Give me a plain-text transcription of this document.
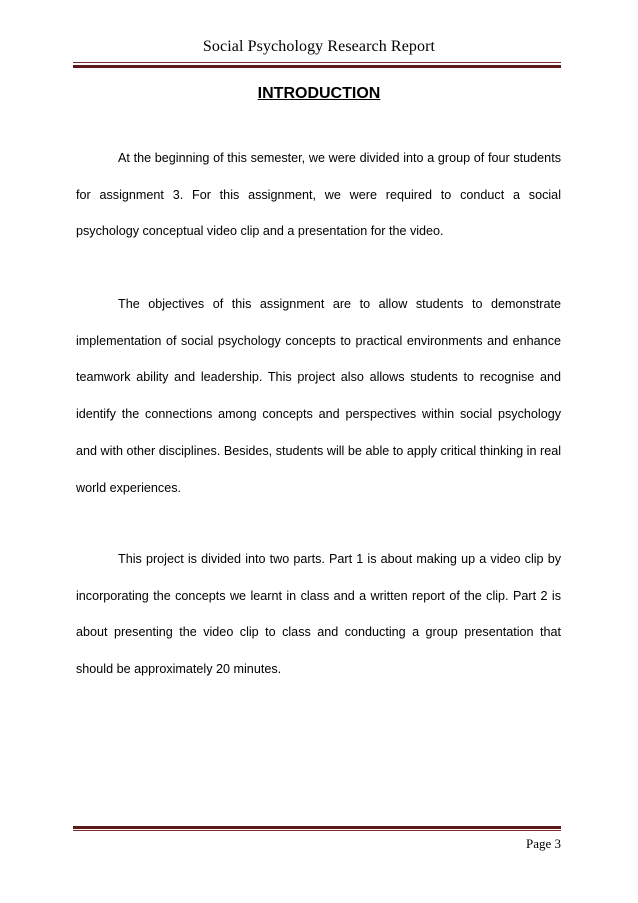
Social Psychology Research Report
INTRODUCTION

At the beginning of this semester, we were divided into a group of four students for assignment 3. For this assignment, we were required to conduct a social psychology conceptual video clip and a presentation for the video.

The objectives of this assignment are to allow students to demonstrate implementation of social psychology concepts to practical environments and enhance teamwork ability and leadership. This project also allows students to recognise and identify the connections among concepts and perspectives within social psychology and with other disciplines. Besides, students will be able to apply critical thinking in real world experiences.

This project is divided into two parts. Part 1 is about making up a video clip by incorporating the concepts we learnt in class and a written report of the clip. Part 2 is about presenting the video clip to class and conducting a group presentation that should be approximately 20 minutes.

Page 3
